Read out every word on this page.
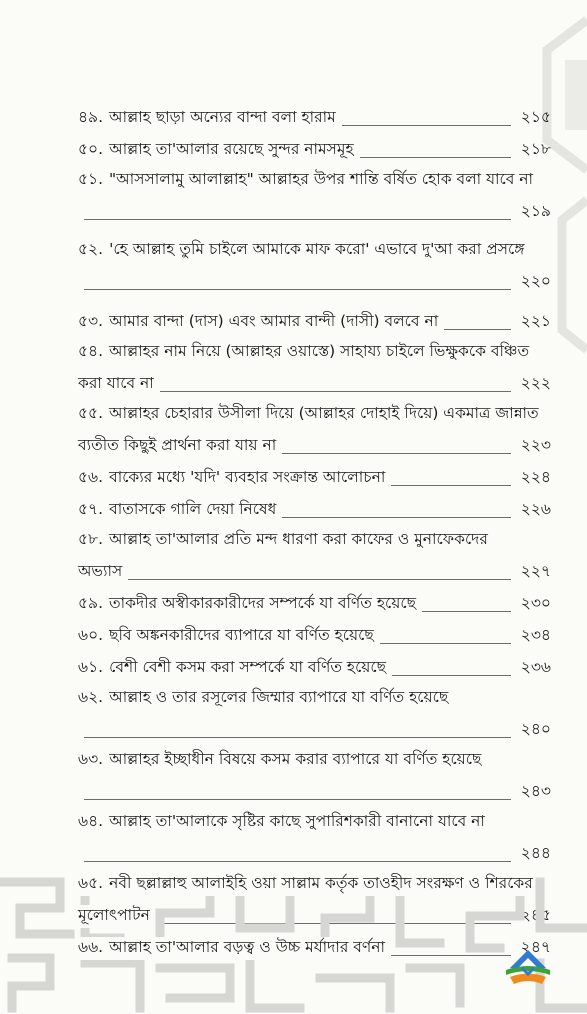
৪৯. আল্লাহ ছাড়া অন্যের বান্দা বলা হারাম	২১৫
৫০. আল্লাহ তা'আলার রয়েছে সুন্দর নামসমূহ	২১৮
৫১. "আসসালামু আলাল্লাহ" আল্লাহর উপর শান্তি বর্ষিত হোক বলা যাবে না
২১৯
৫২. 'হে আল্লাহ তুমি চাইলে আমাকে মাফ করো' এভাবে দু'আ করা প্রসঙ্গে
২২০
৫৩. আমার বান্দা (দাস) এবং আমার বান্দী (দাসী) বলবে না	২২১
৫৪. আল্লাহর নাম নিয়ে (আল্লাহর ওয়াস্তে) সাহায্য চাইলে ভিক্ষুককে বঞ্চিত
করা যাবে না	২২২
৫৫. আল্লাহর চেহারার উসীলা দিয়ে (আল্লাহর দোহাই দিয়ে) একমাত্র জান্নাত
ব্যতীত কিছুই প্রার্থনা করা যায় না	২২৩
৫৬. বাক্যের মধ্যে 'যদি' ব্যবহার সংক্রান্ত আলোচনা	২২৪
৫৭. বাতাসকে গালি দেয়া নিষেধ	২২৬
৫৮. আল্লাহ তা'আলার প্রতি মন্দ ধারণা করা কাফের ও মুনাফেকদের
অভ্যাস	২২৭
৫৯. তাকদীর অস্বীকারকারীদের সম্পর্কে যা বর্ণিত হয়েছে	২৩০
৬০. ছবি অঙ্কনকারীদের ব্যাপারে যা বর্ণিত হয়েছে	২৩৪
৬১. বেশী বেশী কসম করা সম্পর্কে যা বর্ণিত হয়েছে	২৩৬
৬২. আল্লাহ ও তার রসূলের জিম্মার ব্যাপারে যা বর্ণিত হয়েছে
২৪০
৬৩. আল্লাহর ইচ্ছাধীন বিষয়ে কসম করার ব্যাপারে যা বর্ণিত হয়েছে
২৪৩
৬৪. আল্লাহ তা'আলাকে সৃষ্টির কাছে সুপারিশকারী বানানো যাবে না
২৪৪
৬৫. নবী ছল্লাল্লাহু আলাইহি ওয়া সাল্লাম কর্তৃক তাওহীদ সংরক্ষণ ও শিরকের
মূলোৎপাটন	২৪৫
৬৬. আল্লাহ তা'আলার বড়ত্ব ও উচ্চ মর্যাদার বর্ণনা	২৪৭
